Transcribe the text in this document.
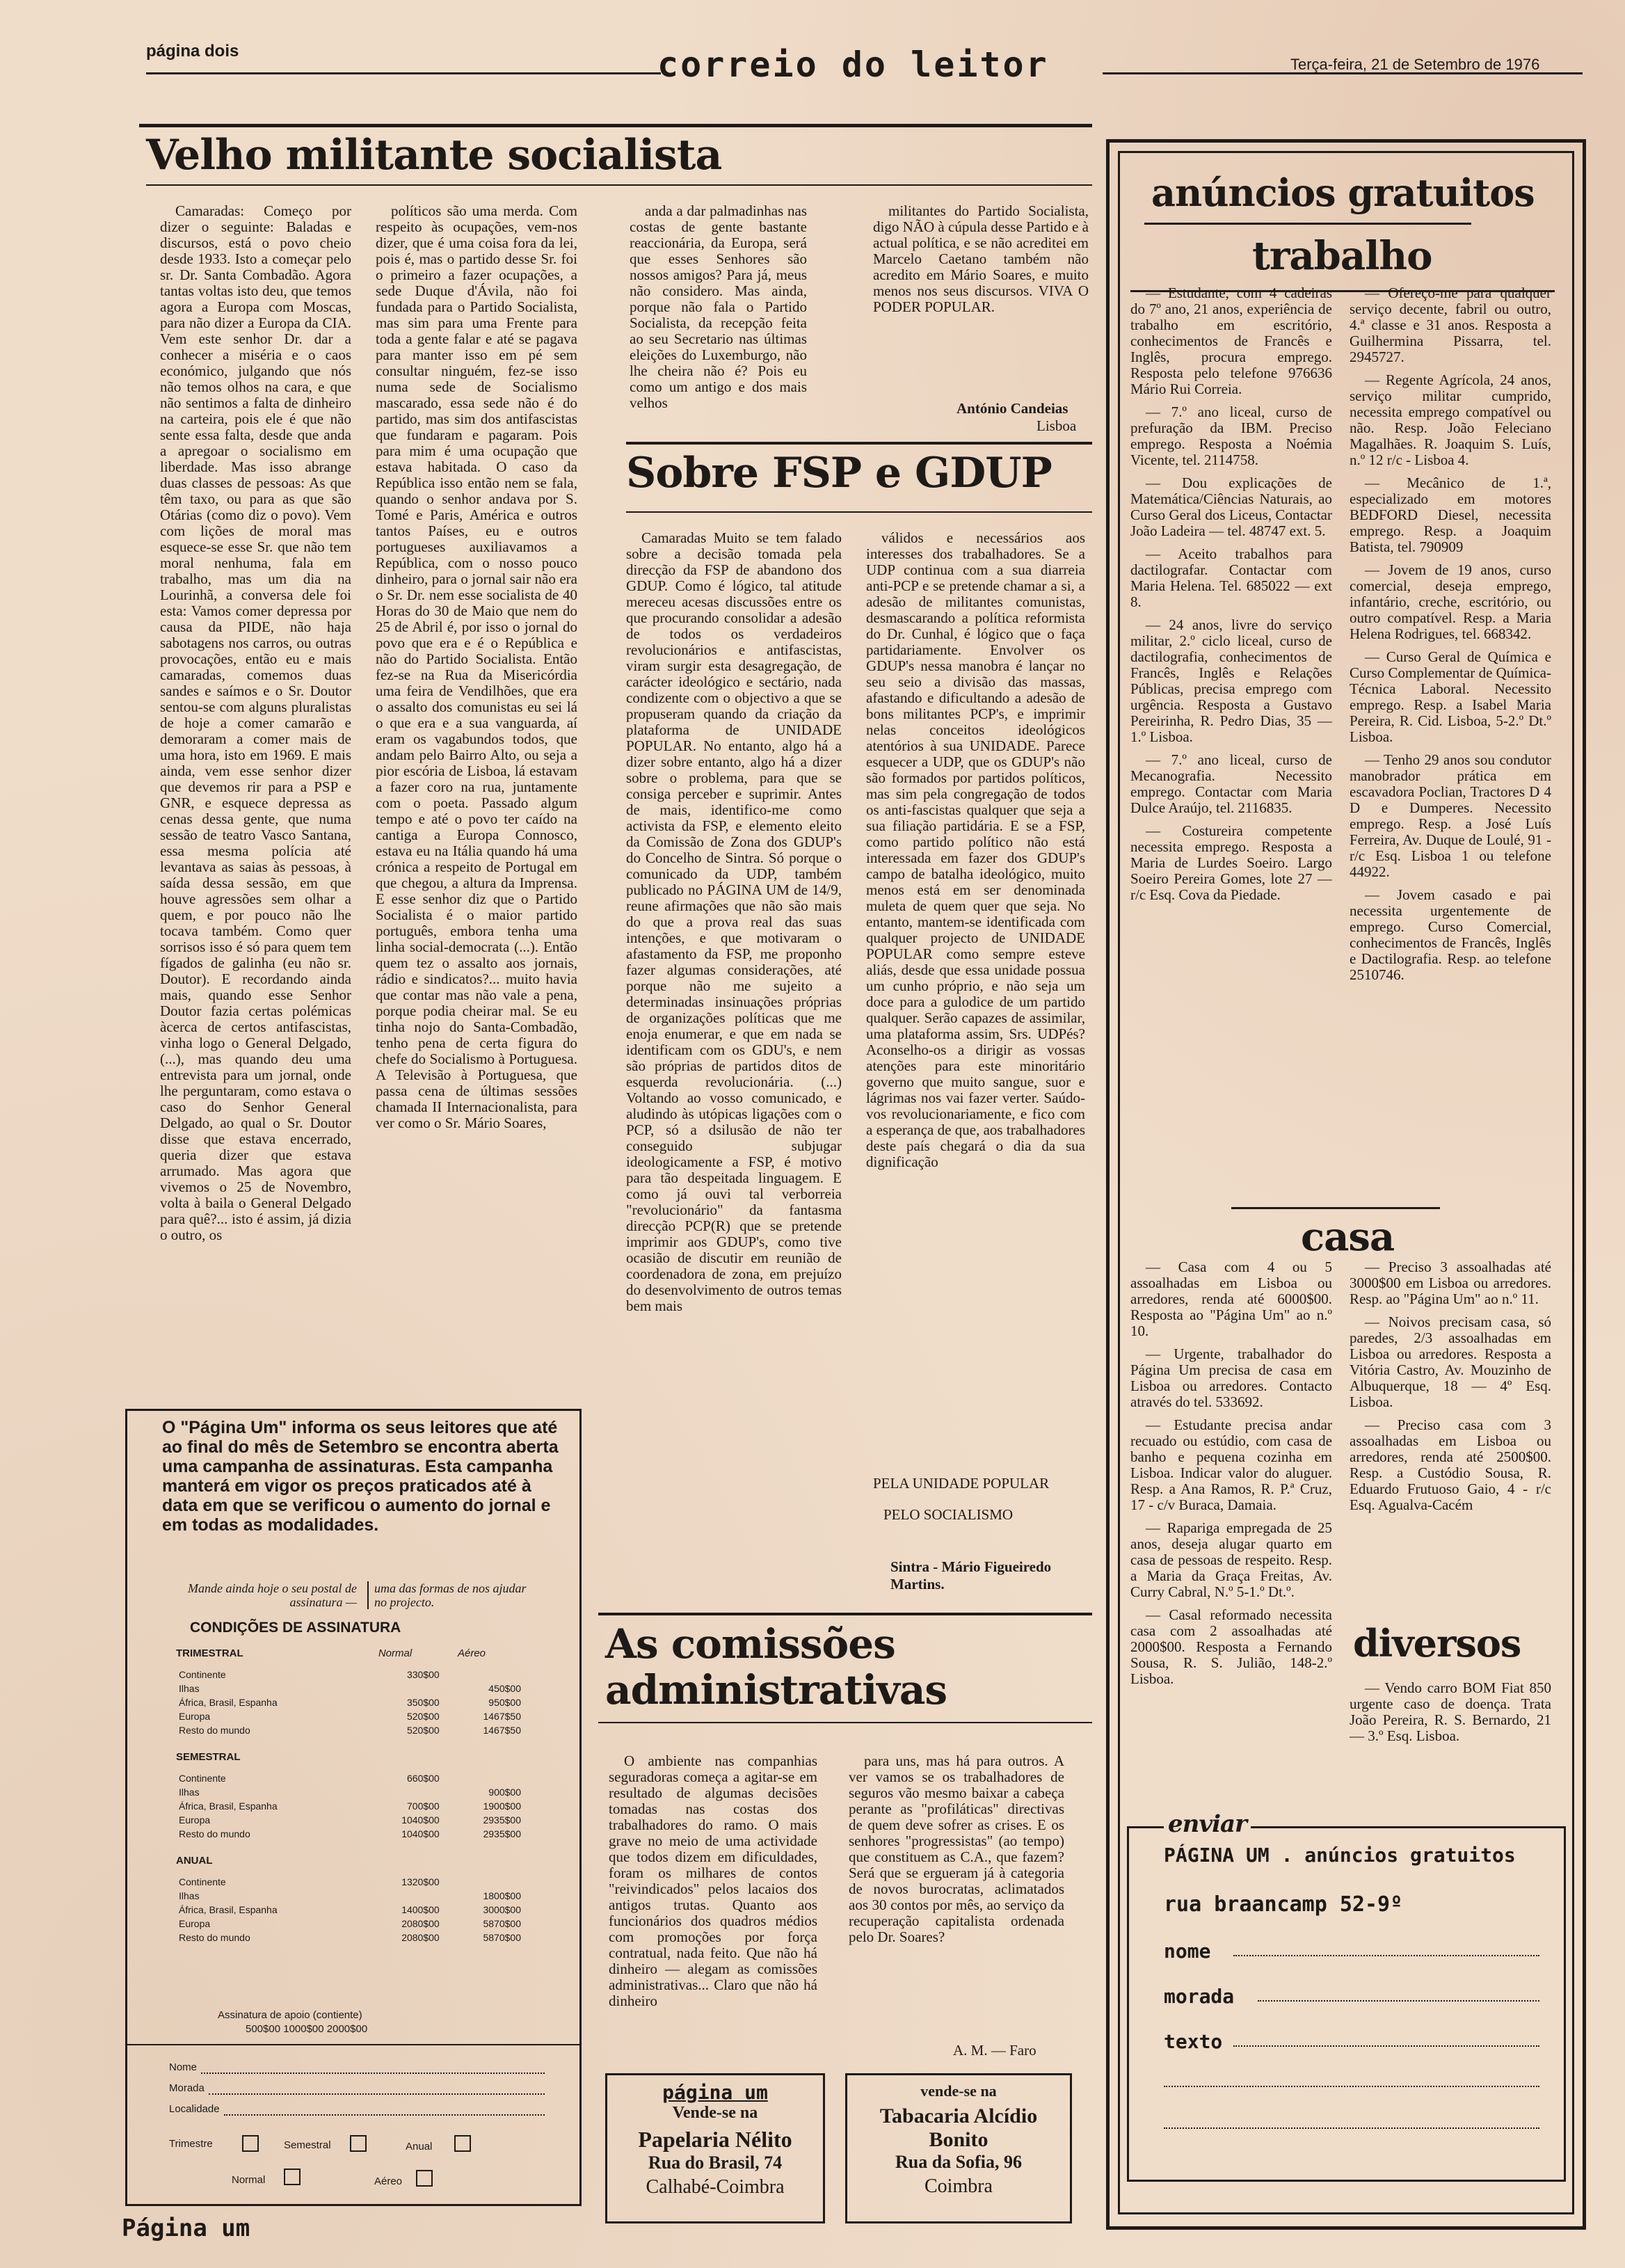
página dois	correio do leitor	Terça-feira, 21 de Setembro de 1976
Velho militante socialista

Camaradas: Começo por dizer o seguinte: Baladas e discursos, está o povo cheio desde 1933. Isto a começar pelo sr. Dr. Santa Combadão. Agora tantas voltas isto deu, que temos agora a Europa com Moscas, para não dizer a Europa da CIA. Vem este senhor Dr. dar a conhecer a miséria e o caos económico, julgando que nós não temos olhos na cara, e que não sentimos a falta de dinheiro na carteira, pois ele é que não sente essa falta, desde que anda a apregoar o socialismo em liberdade. Mas isso abrange duas classes de pessoas: As que têm taxo, ou para as que são Otárias (como diz o povo). Vem com lições de moral mas esquece-se esse Sr. que não tem moral nenhuma, fala em trabalho, mas um dia na Lourinhã, a conversa dele foi esta: Vamos comer depressa por causa da PIDE, não haja sabotagens nos carros, ou outras provocações, então eu e mais camaradas, comemos duas sandes e saímos e o Sr. Doutor sentou-se com alguns pluralistas de hoje a comer camarão e demoraram a comer mais de uma hora, isto em 1969. E mais ainda, vem esse senhor dizer que devemos rir para a PSP e GNR, e esquece depressa as cenas dessa gente, que numa sessão de teatro Vasco Santana, essa mesma polícia até levantava as saias às pessoas, à saída dessa sessão, em que houve agressões sem olhar a quem, e por pouco não lhe tocava também. Como quer sorrisos isso é só para quem tem fígados de galinha (eu não sr. Doutor). E recordando ainda mais, quando esse Senhor Doutor fazia certas polémicas àcerca de certos antifascistas, vinha logo o General Delgado, (...), mas quando deu uma entrevista para um jornal, onde lhe perguntaram, como estava o caso do Senhor General Delgado, ao qual o Sr. Doutor disse que estava encerrado, queria dizer que estava arrumado. Mas agora que vivemos o 25 de Novembro, volta à baila o General Delgado para quê?... isto é assim, já dizia o outro, os

políticos são uma merda. Com respeito às ocupações, vem-nos dizer, que é uma coisa fora da lei, pois é, mas o partido desse Sr. foi o primeiro a fazer ocupações, a sede Duque d'Ávila, não foi fundada para o Partido Socialista, mas sim para uma Frente para toda a gente falar e até se pagava para manter isso em pé sem consultar ninguém, fez-se isso numa sede de Socialismo mascarado, essa sede não é do partido, mas sim dos antifascistas que fundaram e pagaram. Pois para mim é uma ocupação que estava habitada. O caso da República isso então nem se fala, quando o senhor andava por S. Tomé e Paris, América e outros tantos Países, eu e outros portugueses auxiliavamos a República, com o nosso pouco dinheiro, para o jornal sair não era o Sr. Dr. nem esse socialista de 40 Horas do 30 de Maio que nem do 25 de Abril é, por isso o jornal do povo que era e é o República e não do Partido Socialista. Então fez-se na Rua da Misericórdia uma feira de Vendilhões, que era o assalto dos comunistas eu sei lá o que era e a sua vanguarda, aí eram os vagabundos todos, que andam pelo Bairro Alto, ou seja a pior escória de Lisboa, lá estavam a fazer coro na rua, juntamente com o poeta. Passado algum tempo e até o povo ter caído na cantiga a Europa Connosco, estava eu na Itália quando há uma crónica a respeito de Portugal em que chegou, a altura da Imprensa. E esse senhor diz que o Partido Socialista é o maior partido português, embora tenha uma linha social-democrata (...). Então quem tez o assalto aos jornais, rádio e sindicatos?... muito havia que contar mas não vale a pena, porque podia cheirar mal. Se eu tinha nojo do Santa-Combadão, tenho pena de certa figura do chefe do Socialismo à Portuguesa. A Televisão à Portuguesa, que passa cena de últimas sessões chamada II Internacionalista, para ver como o Sr. Mário Soares,

anda a dar palmadinhas nas costas de gente bastante reaccionária, da Europa, será que esses Senhores são nossos amigos? Para já, meus não considero. Mas ainda, porque não fala o Partido Socialista, da recepção feita ao seu Secretario nas últimas eleições do Luxemburgo, não lhe cheira não é? Pois eu como um antigo e dos mais velhos

militantes do Partido Socialista, digo NÃO à cúpula desse Partido e à actual política, e se não acreditei em Marcelo Caetano também não acredito em Mário Soares, e muito menos nos seus discursos. VIVA O PODER POPULAR.

António Candeias
Lisboa
Sobre FSP e GDUP

Camaradas Muito se tem falado sobre a decisão tomada pela direcção da FSP de abandono dos GDUP. Como é lógico, tal atitude mereceu acesas discussões entre os que procurando consolidar a adesão de todos os verdadeiros revolucionários e antifascistas, viram surgir esta desagregação, de carácter ideológico e sectário, nada condizente com o objectivo a que se propuseram quando da criação da plataforma de UNIDADE POPULAR. No entanto, algo há a dizer sobre entanto, algo há a dizer sobre o problema, para que se consiga perceber e suprimir. Antes de mais, identifico-me como activista da FSP, e elemento eleito da Comissão de Zona dos GDUP's do Concelho de Sintra. Só porque o comunicado da UDP, também publicado no PÁGINA UM de 14/9, reune afirmações que não são mais do que a prova real das suas intenções, e que motivaram o afastamento da FSP, me proponho fazer algumas considerações, até porque não me sujeito a determinadas insinuações próprias de organizações políticas que me enoja enumerar, e que em nada se identificam com os GDU's, e nem são próprias de partidos ditos de esquerda revolucionária. (...) Voltando ao vosso comunicado, e aludindo às utópicas ligações com o PCP, só a dsilusão de não ter conseguido subjugar ideologicamente a FSP, é motivo para tão despeitada linguagem. E como já ouvi tal verborreia "revolucionário" da fantasma direcção PCP(R) que se pretende imprimir aos GDUP's, como tive ocasião de discutir em reunião de coordenadora de zona, em prejuízo do desenvolvimento de outros temas bem mais

válidos e necessários aos interesses dos trabalhadores. Se a UDP continua com a sua diarreia anti-PCP e se pretende chamar a si, a adesão de militantes comunistas, desmascarando a política reformista do Dr. Cunhal, é lógico que o faça partidariamente. Envolver os GDUP's nessa manobra é lançar no seu seio a divisão das massas, afastando e dificultando a adesão de bons militantes PCP's, e imprimir nelas conceitos ideológicos atentórios à sua UNIDADE. Parece esquecer a UDP, que os GDUP's não são formados por partidos políticos, mas sim pela congregação de todos os anti-fascistas qualquer que seja a sua filiação partidária. E se a FSP, como partido político não está interessada em fazer dos GDUP's campo de batalha ideológico, muito menos está em ser denominada muleta de quem quer que seja. No entanto, mantem-se identificada com qualquer projecto de UNIDADE POPULAR como sempre esteve aliás, desde que essa unidade possua um cunho próprio, e não seja um doce para a gulodice de um partido qualquer. Serão capazes de assimilar, uma plataforma assim, Srs. UDPés? Aconselho-os a dirigir as vossas atenções para este minoritário governo que muito sangue, suor e lágrimas nos vai fazer verter. Saúdo-vos revolucionariamente, e fico com a esperança de que, aos trabalhadores deste país chegará o dia da sua dignificação

PELA UNIDADE POPULAR
PELO SOCIALISMO
Sintra - Mário Figueiredo Martins.
As comissões
administrativas

O ambiente nas companhias seguradoras começa a agitar-se em resultado de algumas decisões tomadas nas costas dos trabalhadores do ramo. O mais grave no meio de uma actividade que todos dizem em dificuldades, foram os milhares de contos "reivindicados" pelos lacaios dos antigos trutas. Quanto aos funcionários dos quadros médios com promoções por força contratual, nada feito. Que não há dinheiro — alegam as comissões administrativas... Claro que não há dinheiro

para uns, mas há para outros. A ver vamos se os trabalhadores de seguros vão mesmo baixar a cabeça perante as "profiláticas" directivas de quem deve sofrer as crises. E os senhores "progressistas" (ao tempo) que constituem as C.A., que fazem? Será que se ergueram já à categoria de novos burocratas, aclimatados aos 30 contos por mês, ao serviço da recuperação capitalista ordenada pelo Dr. Soares?

A. M. — Faro
página um
Vende-se na
Papelaria Nélito
Rua do Brasil, 74
Calhabé-Coimbra
vende-se na
Tabacaria Alcídio
Bonito
Rua da Sofia, 96
Coimbra
O "Página Um" informa os seus leitores que até ao final do mês de Setembro se encontra aberta uma campanha de assinaturas. Esta campanha manterá em vigor os preços praticados até à data em que se verificou o aumento do jornal e em todas as modalidades.
Mande ainda hoje o seu postal de assinatura —
uma das formas de nos ajudar no projecto.
CONDIÇÕES DE ASSINATURA
TRIMESTRAL	Normal	Aéreo
Continente	330$00	
Ilhas		450$00
África, Brasil, Espanha	350$00	950$00
Europa	520$00	1467$50
Resto do mundo	520$00	1467$50
SEMESTRAL
Continente	660$00	
Ilhas		900$00
África, Brasil, Espanha	700$00	1900$00
Europa	1040$00	2935$00
Resto do mundo	1040$00	2935$00
ANUAL
Continente	1320$00	
Ilhas		1800$00
África, Brasil, Espanha	1400$00	3000$00
Europa	2080$00	5870$00
Resto do mundo	2080$00	5870$00
Assinatura de apoio (contiente)
500$00 1000$00 2000$00
Nome
Morada
Localidade
Trimestre	Semestral	Anual
Normal	Aéreo
Página um
anúncios gratuitos
trabalho

— Estudante, com 4 cadeiras do 7º ano, 21 anos, experiência de trabalho em escritório, conhecimentos de Francês e Inglês, procura emprego. Resposta pelo telefone 976636 Mário Rui Correia.

— 7.º ano liceal, curso de prefuração da IBM. Preciso emprego. Resposta a Noémia Vicente, tel. 2114758.

— Dou explicações de Matemática/Ciências Naturais, ao Curso Geral dos Liceus, Contactar João Ladeira — tel. 48747 ext. 5.

— Aceito trabalhos para dactilografar. Contactar com Maria Helena. Tel. 685022 — ext 8.

— 24 anos, livre do serviço militar, 2.º ciclo liceal, curso de dactilografia, conhecimentos de Francês, Inglês e Relações Públicas, precisa emprego com urgência. Resposta a Gustavo Pereirinha, R. Pedro Dias, 35 — 1.º Lisboa.

— 7.º ano liceal, curso de Mecanografia. Necessito emprego. Contactar com Maria Dulce Araújo, tel. 2116835.

— Costureira competente necessita emprego. Resposta a Maria de Lurdes Soeiro. Largo Soeiro Pereira Gomes, lote 27 — r/c Esq. Cova da Piedade.

— Ofereço-me para qualquer serviço decente, fabril ou outro, 4.ª classe e 31 anos. Resposta a Guilhermina Pissarra, tel. 2945727.

— Regente Agrícola, 24 anos, serviço militar cumprido, necessita emprego compatível ou não. Resp. João Feleciano Magalhães. R. Joaquim S. Luís, n.º 12 r/c - Lisboa 4.

— Mecânico de 1.ª, especializado em motores BEDFORD Diesel, necessita emprego. Resp. a Joaquim Batista, tel. 790909

— Jovem de 19 anos, curso comercial, deseja emprego, infantário, creche, escritório, ou outro compatível. Resp. a Maria Helena Rodrigues, tel. 668342.

— Curso Geral de Química e Curso Complementar de Química-Técnica Laboral. Necessito emprego. Resp. a Isabel Maria Pereira, R. Cid. Lisboa, 5-2.º Dt.º Lisboa.

— Tenho 29 anos sou condutor manobrador prática em escavadora Poclian, Tractores D 4 D e Dumperes. Necessito emprego. Resp. a José Luís Ferreira, Av. Duque de Loulé, 91 - r/c Esq. Lisboa 1 ou telefone 44922.

— Jovem casado e pai necessita urgentemente de emprego. Curso Comercial, conhecimentos de Francês, Inglês e Dactilografia. Resp. ao telefone 2510746.

casa

— Casa com 4 ou 5 assoalhadas em Lisboa ou arredores, renda até 6000$00. Resposta ao "Página Um" ao n.º 10.

— Urgente, trabalhador do Página Um precisa de casa em Lisboa ou arredores. Contacto através do tel. 533692.

— Estudante precisa andar recuado ou estúdio, com casa de banho e pequena cozinha em Lisboa. Indicar valor do aluguer. Resp. a Ana Ramos, R. P.ª Cruz, 17 - c/v Buraca, Damaia.

— Rapariga empregada de 25 anos, deseja alugar quarto em casa de pessoas de respeito. Resp. a Maria da Graça Freitas, Av. Curry Cabral, N.º 5-1.º Dt.º.

— Casal reformado necessita casa com 2 assoalhadas até 2000$00. Resposta a Fernando Sousa, R. S. Julião, 148-2.º Lisboa.

— Preciso 3 assoalhadas até 3000$00 em Lisboa ou arredores. Resp. ao "Página Um" ao n.º 11.

— Noivos precisam casa, só paredes, 2/3 assoalhadas em Lisboa ou arredores. Resposta a Vitória Castro, Av. Mouzinho de Albuquerque, 18 — 4º Esq. Lisboa.

— Preciso casa com 3 assoalhadas em Lisboa ou arredores, renda até 2500$00. Resp. a Custódio Sousa, R. Eduardo Frutuoso Gaio, 4 - r/c Esq. Agualva-Cacém

diversos

— Vendo carro BOM Fiat 850 urgente caso de doença. Trata João Pereira, R. S. Bernardo, 21 — 3.º Esq. Lisboa.

enviar
PÁGINA UM . anúncios gratuitos
rua braancamp 52-9º
nome
morada
texto
